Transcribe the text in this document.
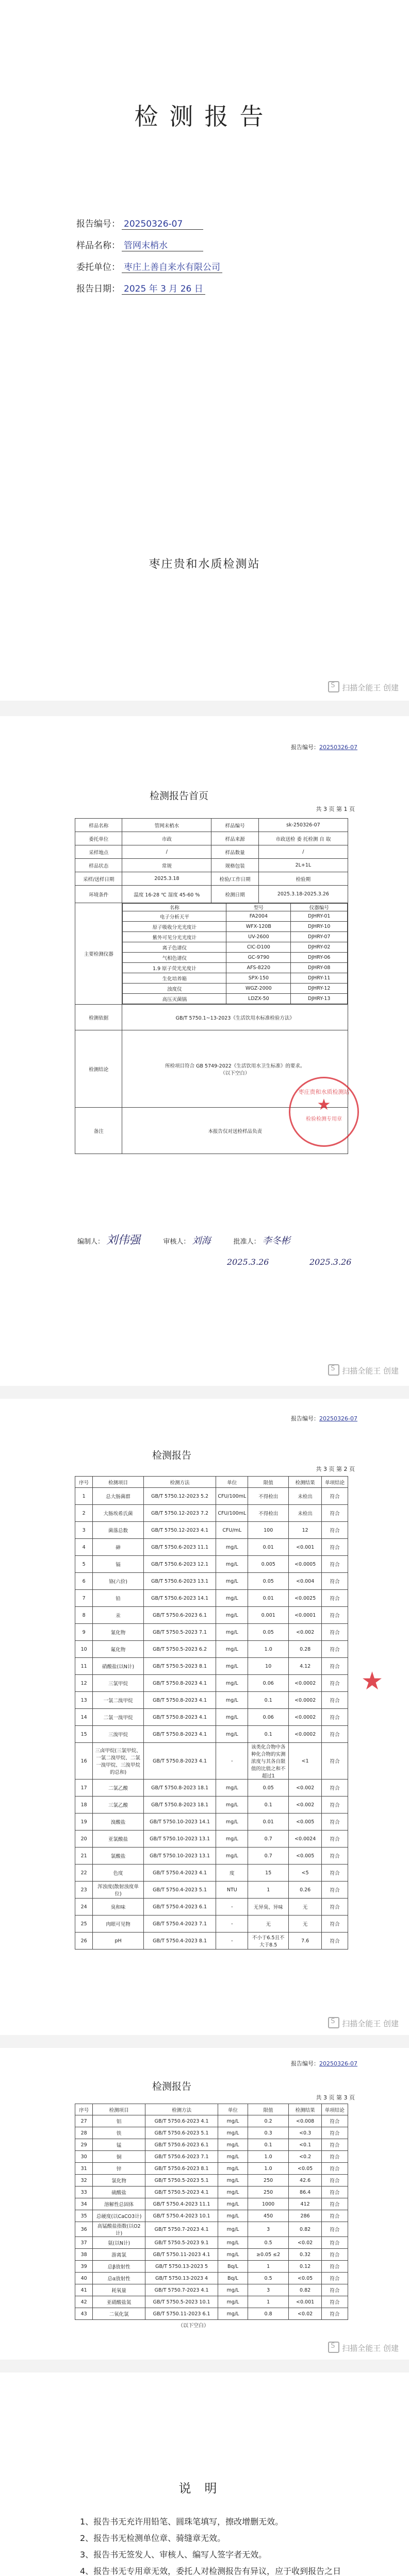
检测报告
报告编号： 20250326-07
样品名称： 管网末梢水
委托单位： 枣庄上善自来水有限公司
报告日期： 2025 年 3 月 26 日
枣庄贵和水质检测站
S扫描全能王 创建
报告编号：20250326-07
检测报告首页
共 3 页 第 1 页
样品名称	管网末梢水	样品编号	sk-250326-07
委托单位	市政	样品来源	市政送检 委 托检测 自 取
采样地点	/	样品数量	/
样品状态	常规	规格包装	2L+1L
采样/送样日期	2025.3.18	检验/工作日期	检验期
环境条件	温度 16-28 ℃ 湿度 45-60 %	检测日期	2025.3.18-2025.3.26
主要检测仪器	
名称	型号	仪器编号
电子分析天平	FA2004	DJHRY-01
原子吸收分光光度计	WFX-120B	DJHRY-10
紫外可见分光光度计	UV-2600	DJHRY-07
离子色谱仪	CIC-D100	DJHRY-02
气相色谱仪	GC-9790	DJHRY-06
1.9 原子荧光光度计	AFS-8220	DJHRY-08
生化培养箱	SPX-150	DJHRY-11
浊度仪	WGZ-2000	DJHRY-12
高压灭菌锅	LDZX-50	DJHRY-13

检测依据	GB/T 5750.1~13-2023《生活饮用水标准检验方法》
检测结论	
所检项目符合 GB 5749-2022《生活饮用水卫生标准》的要求。
（以下空白）

备注	本报告仅对送检样品负责
编制人： 刘伟强	审核人： 刘海	批准人： 李冬彬
2025.3.26	2025.3.26
枣庄贵和水质检测站
★
检验检测专用章
S扫描全能王 创建
报告编号：20250326-07
检测报告
共 3 页 第 2 页
序号	检测项目	检测方法	单位	限值	检测结果	单项结论
1	总大肠菌群	GB/T 5750.12-2023 5.2	CFU/100mL	不得检出	未检出	符合
2	大肠埃希氏菌	GB/T 5750.12-2023 7.2	CFU/100mL	不得检出	未检出	符合
3	菌落总数	GB/T 5750.12-2023 4.1	CFU/mL	100	12	符合
4	砷	GB/T 5750.6-2023 11.1	mg/L	0.01	<0.001	符合
5	镉	GB/T 5750.6-2023 12.1	mg/L	0.005	<0.0005	符合
6	铬(六价)	GB/T 5750.6-2023 13.1	mg/L	0.05	<0.004	符合
7	铅	GB/T 5750.6-2023 14.1	mg/L	0.01	<0.0025	符合
8	汞	GB/T 5750.6-2023 6.1	mg/L	0.001	<0.0001	符合
9	氰化物	GB/T 5750.5-2023 7.1	mg/L	0.05	<0.002	符合
10	氟化物	GB/T 5750.5-2023 6.2	mg/L	1.0	0.28	符合
11	硝酸盐(以N计)	GB/T 5750.5-2023 8.1	mg/L	10	4.12	符合
12	三氯甲烷	GB/T 5750.8-2023 4.1	mg/L	0.06	<0.0002	符合
13	一氯二溴甲烷	GB/T 5750.8-2023 4.1	mg/L	0.1	<0.0002	符合
14	二氯一溴甲烷	GB/T 5750.8-2023 4.1	mg/L	0.06	<0.0002	符合
15	三溴甲烷	GB/T 5750.8-2023 4.1	mg/L	0.1	<0.0002	符合
16	三卤甲烷(三氯甲烷、一氯二溴甲烷、二氯一溴甲烷、三溴甲烷的总和)	GB/T 5750.8-2023 4.1	-	该类化合物中各种化合物的实测浓度与其各自限值的比值之和不超过1	<1	符合
17	二氯乙酸	GB/T 5750.8-2023 18.1	mg/L	0.05	<0.002	符合
18	三氯乙酸	GB/T 5750.8-2023 18.1	mg/L	0.1	<0.002	符合
19	溴酸盐	GB/T 5750.10-2023 14.1	mg/L	0.01	<0.005	符合
20	亚氯酸盐	GB/T 5750.10-2023 13.1	mg/L	0.7	<0.0024	符合
21	氯酸盐	GB/T 5750.10-2023 13.1	mg/L	0.7	<0.005	符合
22	色度	GB/T 5750.4-2023 4.1	度	15	<5	符合
23	浑浊度(散射浊度单位)	GB/T 5750.4-2023 5.1	NTU	1	0.26	符合
24	臭和味	GB/T 5750.4-2023 6.1	-	无异臭、异味	无	符合
25	肉眼可见物	GB/T 5750.4-2023 7.1	-	无	无	符合
26	pH	GB/T 5750.4-2023 8.1	-	不小于6.5且不大于8.5	7.6	符合
★
S扫描全能王 创建
报告编号：20250326-07
检测报告
共 3 页 第 3 页
序号	检测项目	检测方法	单位	限值	检测结果	单项结论
27	铝	GB/T 5750.6-2023 4.1	mg/L	0.2	<0.008	符合
28	铁	GB/T 5750.6-2023 5.1	mg/L	0.3	<0.3	符合
29	锰	GB/T 5750.6-2023 6.1	mg/L	0.1	<0.1	符合
30	铜	GB/T 5750.6-2023 7.1	mg/L	1.0	<0.2	符合
31	锌	GB/T 5750.6-2023 8.1	mg/L	1.0	<0.05	符合
32	氯化物	GB/T 5750.5-2023 5.1	mg/L	250	42.6	符合
33	硫酸盐	GB/T 5750.5-2023 4.1	mg/L	250	86.4	符合
34	溶解性总固体	GB/T 5750.4-2023 11.1	mg/L	1000	412	符合
35	总硬度(以CaCO3计)	GB/T 5750.4-2023 10.1	mg/L	450	286	符合
36	高锰酸盐指数(以O2计)	GB/T 5750.7-2023 4.1	mg/L	3	0.82	符合
37	氨(以N计)	GB/T 5750.5-2023 9.1	mg/L	0.5	<0.02	符合
38	游离氯	GB/T 5750.11-2023 4.1	mg/L	≥0.05 ≤2	0.32	符合
39	总β放射性	GB/T 5750.13-2023 5	Bq/L	1	0.12	符合
40	总α放射性	GB/T 5750.13-2023 4	Bq/L	0.5	<0.05	符合
41	耗氧量	GB/T 5750.7-2023 4.1	mg/L	3	0.82	符合
42	亚硝酸盐氮	GB/T 5750.5-2023 10.1	mg/L	1	<0.001	符合
43	二氧化氯	GB/T 5750.11-2023 6.1	mg/L	0.8	<0.02	符合
（以下空白）
S扫描全能王 创建
说明
1、报告书无充许用铅笔、圆珠笔填写，擦改增删无效。
2、报告书无检测单位章、骑缝章无效。
3、报告书无签发人、审核人、编写人签字者无效。
4、报告书无专用章无效，委托人对检测报告有异议，应于收到报告之日
